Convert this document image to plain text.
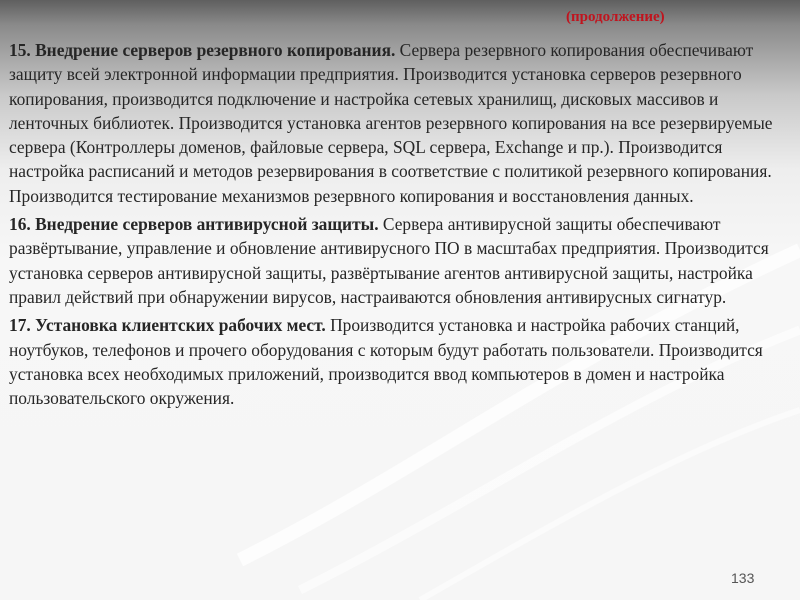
(продолжение)

15. Внедрение серверов резервного копирования. Сервера резервного копирования обеспечивают защиту всей электронной информации предприятия. Производится установка серверов резервного копирования, производится подключение и настройка сетевых хранилищ, дисковых массивов и ленточных библиотек. Производится установка агентов резервного копирования на все резервируемые сервера (Контроллеры доменов, файловые сервера, SQL сервера, Exchange и пр.). Производится настройка расписаний и методов резервирования в соответствие с политикой резервного копирования. Производится тестирование механизмов резервного копирования и восстановления данных.

16. Внедрение серверов антивирусной защиты. Сервера антивирусной защиты обеспечивают развёртывание, управление и обновление антивирусного ПО в масштабах предприятия. Производится установка серверов антивирусной защиты, развёртывание агентов антивирусной защиты, настройка правил действий при обнаружении вирусов, настраиваются обновления антивирусных сигнатур.

17. Установка клиентских рабочих мест. Производится установка и настройка рабочих станций, ноутбуков, телефонов и прочего оборудования с которым будут работать пользователи. Производится установка всех необходимых приложений, производится ввод компьютеров в домен и настройка пользовательского окружения.

133
